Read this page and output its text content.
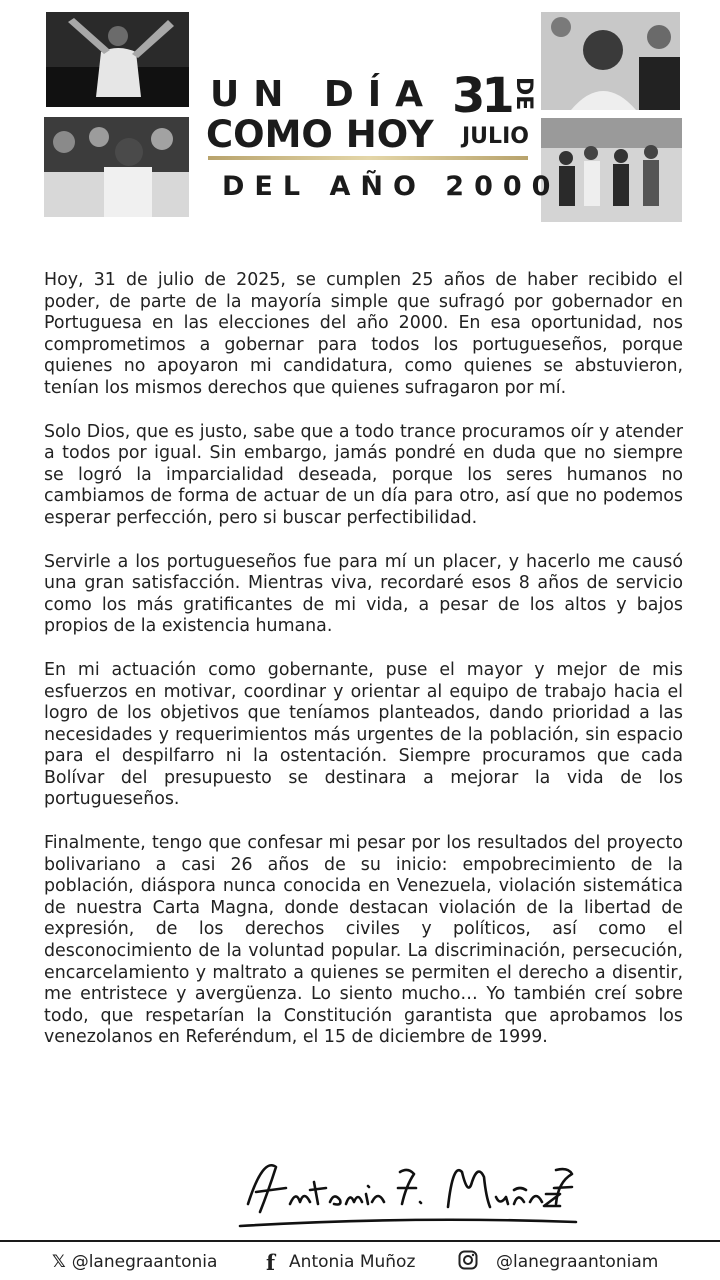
UN DÍA
COMO HOY
DEL AÑO 2000
31 DE
JULIO

Hoy, 31 de julio de 2025, se cumplen 25 años de haber recibido el poder, de parte de la mayoría simple que sufragó por gobernador en Portuguesa en las elecciones del año 2000. En esa oportunidad, nos comprometimos a gobernar para todos los portugueseños, porque quienes no apoyaron mi candidatura, como quienes se abstuvieron, tenían los mismos derechos que quienes sufragaron por mí.

Solo Dios, que es justo, sabe que a todo trance procuramos oír y atender a todos por igual. Sin embargo, jamás pondré en duda que no siempre se logró la imparcialidad deseada, porque los seres humanos no cambiamos de forma de actuar de un día para otro, así que no podemos esperar perfección, pero si buscar perfectibilidad.

Servirle a los portugueseños fue para mí un placer, y hacerlo me causó una gran satisfacción. Mientras viva, recordaré esos 8 años de servicio como los más gratificantes de mi vida, a pesar de los altos y bajos propios de la existencia humana.

En mi actuación como gobernante, puse el mayor y mejor de mis esfuerzos en motivar, coordinar y orientar al equipo de trabajo hacia el logro de los objetivos que teníamos planteados, dando prioridad a las necesidades y requerimientos más urgentes de la población, sin espacio para el despilfarro ni la ostentación. Siempre procuramos que cada Bolívar del presupuesto se destinara a mejorar la vida de los portugueseños.

Finalmente, tengo que confesar mi pesar por los resultados del proyecto bolivariano a casi 26 años de su inicio: empobrecimiento de la población, diáspora nunca conocida en Venezuela, violación sistemática de nuestra Carta Magna, donde destacan violación de la libertad de expresión, de los derechos civiles y políticos, así como el desconocimiento de la voluntad popular. La discriminación, persecución, encarcelamiento y maltrato a quienes se permiten el derecho a disentir, me entristece y avergüenza. Lo siento mucho… Yo también creí sobre todo, que respetarían la Constitución garantista que aprobamos los venezolanos en Referéndum, el 15 de diciembre de 1999.

𝕏 @lanegraantonia f Antonia Muñoz	@lanegraantoniam
